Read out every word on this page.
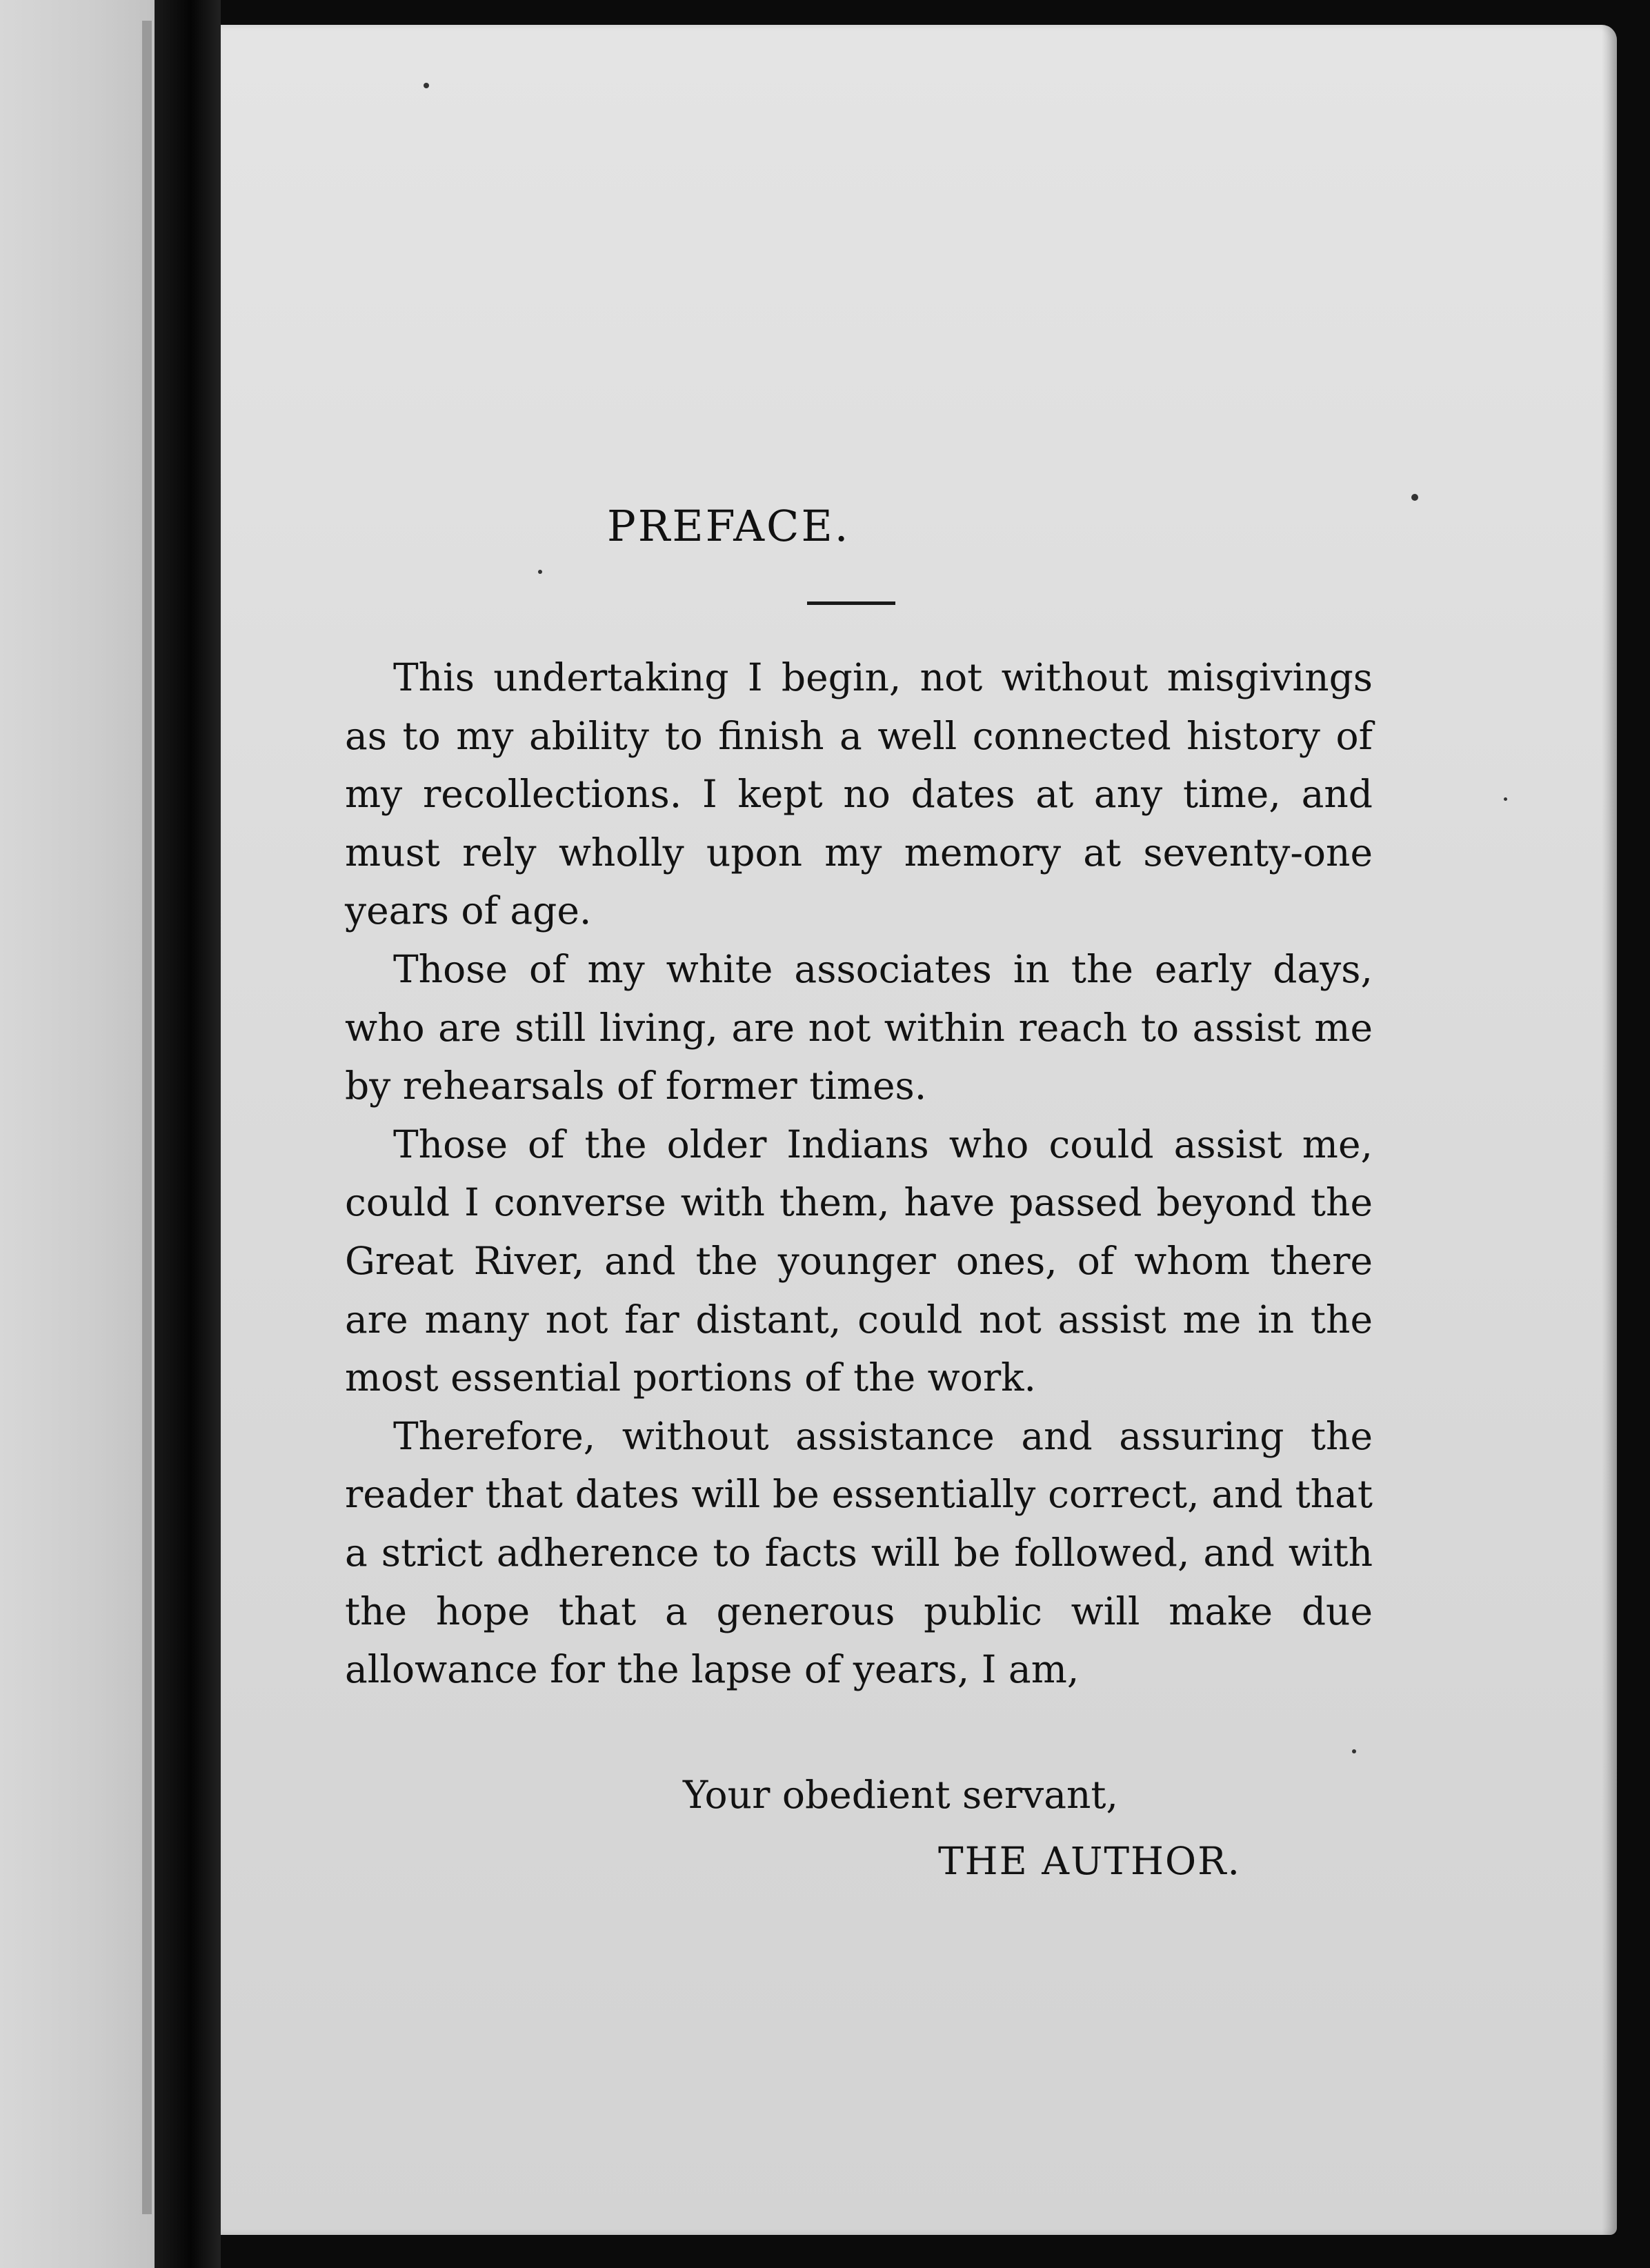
PREFACE.

This undertaking I begin, not without misgivings as to my ability to finish a well connected history of my recollections. I kept no dates at any time, and must rely wholly upon my memory at seventy-one years of age.

Those of my white associates in the early days, who are still living, are not within reach to assist me by rehearsals of former times.

Those of the older Indians who could assist me, could I converse with them, have passed beyond the Great River, and the younger ones, of whom there are many not far distant, could not assist me in the most essential portions of the work.

Therefore, without assistance and assuring the reader that dates will be essentially correct, and that a strict adherence to facts will be followed, and with the hope that a generous public will make due allowance for the lapse of years, I am,

Your obedient servant,
THE AUTHOR.
